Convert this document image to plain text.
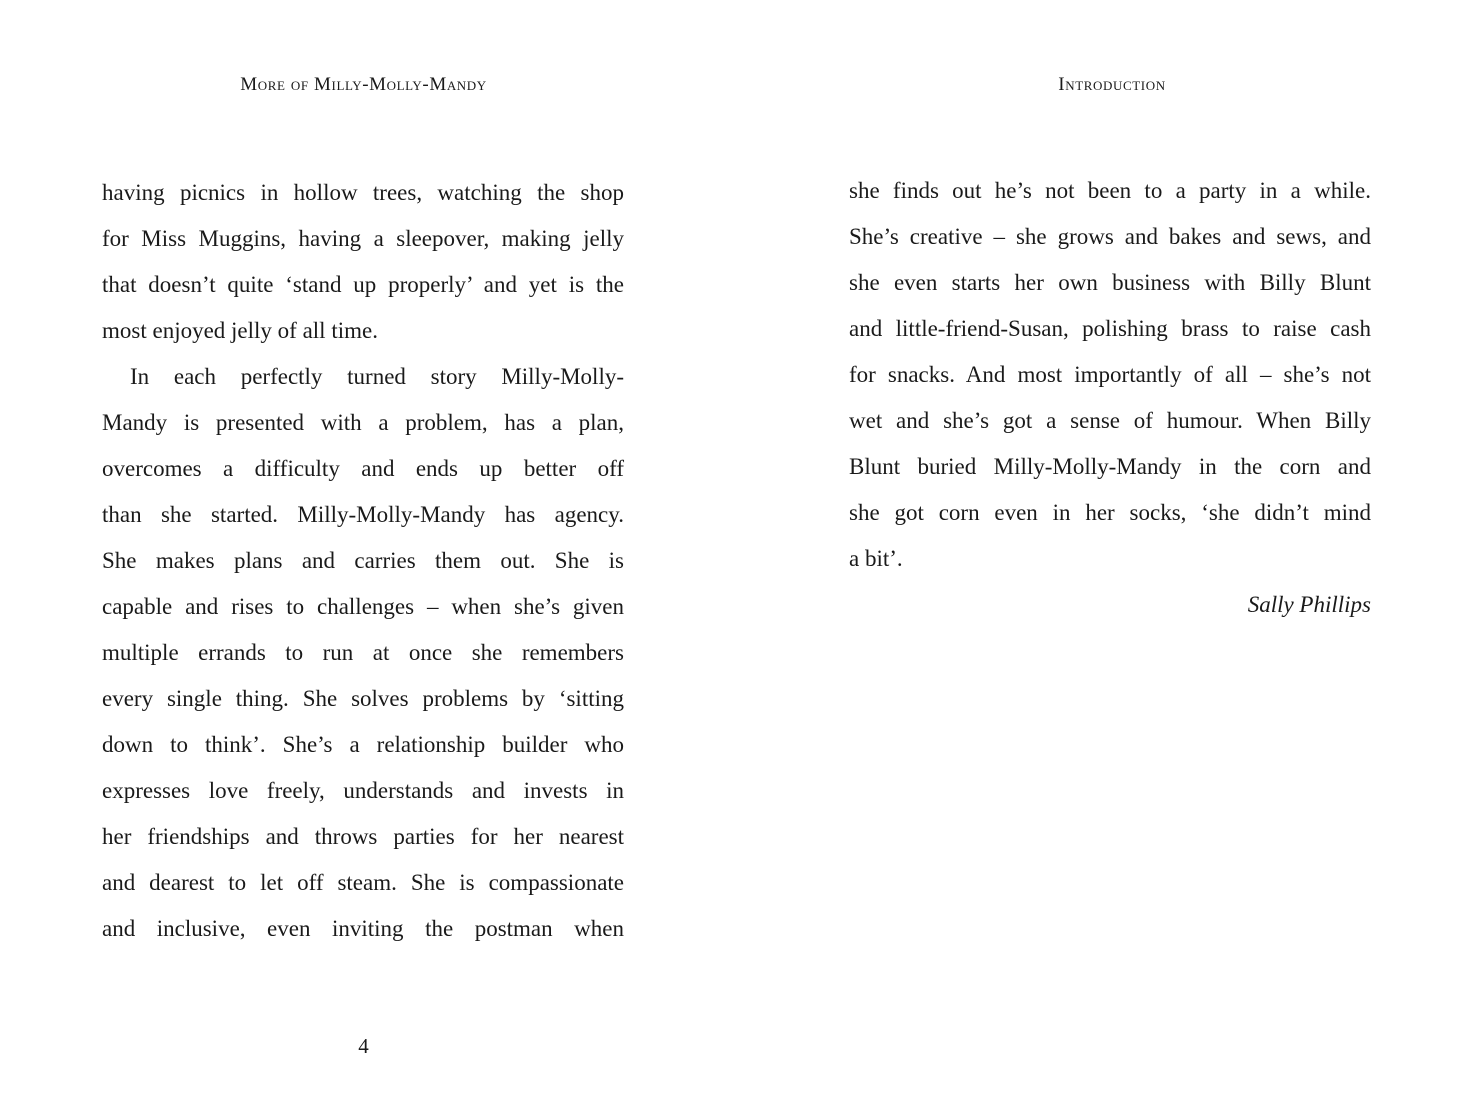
More of Milly-Molly-Mandy
having picnics in hollow trees, watching the shop
for Miss Muggins, having a sleepover, making jelly
that doesn’t quite ‘stand up properly’ and yet is the
most enjoyed jelly of all time.
In each perfectly turned story Milly-Molly-
Mandy is presented with a problem, has a plan,
overcomes a difficulty and ends up better off
than she started. Milly-Molly-Mandy has agency.
She makes plans and carries them out. She is
capable and rises to challenges – when she’s given
multiple errands to run at once she remembers
every single thing. She solves problems by ‘sitting
down to think’. She’s a relationship builder who
expresses love freely, understands and invests in
her friendships and throws parties for her nearest
and dearest to let off steam. She is compassionate
and inclusive, even inviting the postman when
4
Introduction
she finds out he’s not been to a party in a while.
She’s creative – she grows and bakes and sews, and
she even starts her own business with Billy Blunt
and little-friend-Susan, polishing brass to raise cash
for snacks. And most importantly of all – she’s not
wet and she’s got a sense of humour. When Billy
Blunt buried Milly-Molly-Mandy in the corn and
she got corn even in her socks, ‘she didn’t mind
a bit’.
Sally Phillips
